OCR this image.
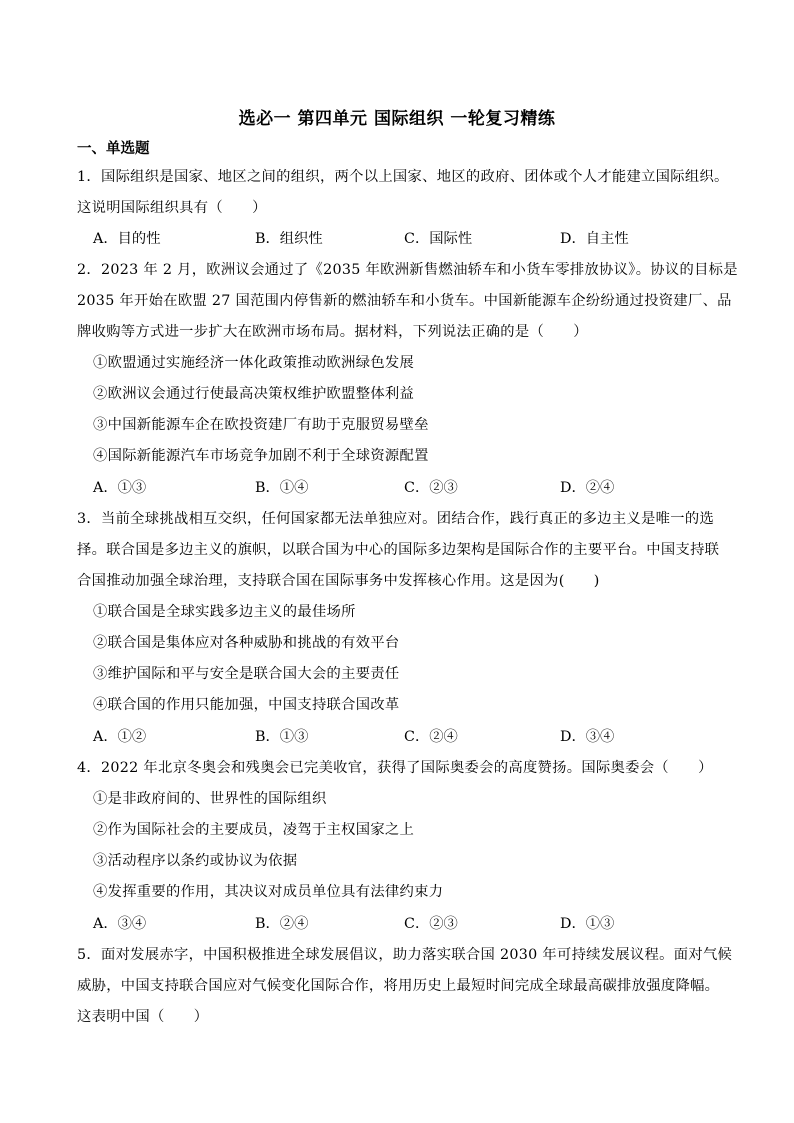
选必一 第四单元 国际组织 一轮复习精练
一、单选题
1．国际组织是国家、地区之间的组织，两个以上国家、地区的政府、团体或个人才能建立国际组织。
这说明国际组织具有（　　）
A．目的性	B．组织性	C．国际性	D．自主性
2．2023 年 2 月，欧洲议会通过了《2035 年欧洲新售燃油轿车和小货车零排放协议》。协议的目标是
2035 年开始在欧盟 27 国范围内停售新的燃油轿车和小货车。中国新能源车企纷纷通过投资建厂、品
牌收购等方式进一步扩大在欧洲市场布局。据材料，下列说法正确的是（　　）
①欧盟通过实施经济一体化政策推动欧洲绿色发展
②欧洲议会通过行使最高决策权维护欧盟整体利益
③中国新能源车企在欧投资建厂有助于克服贸易壁垒
④国际新能源汽车市场竞争加剧不利于全球资源配置
A．①③	B．①④	C．②③	D．②④
3．当前全球挑战相互交织，任何国家都无法单独应对。团结合作，践行真正的多边主义是唯一的选
择。联合国是多边主义的旗帜，以联合国为中心的国际多边架构是国际合作的主要平台。中国支持联
合国推动加强全球治理，支持联合国在国际事务中发挥核心作用。这是因为(　　)
①联合国是全球实践多边主义的最佳场所
②联合国是集体应对各种威胁和挑战的有效平台
③维护国际和平与安全是联合国大会的主要责任
④联合国的作用只能加强，中国支持联合国改革
A．①②	B．①③	C．②④	D．③④
4．2022 年北京冬奥会和残奥会已完美收官，获得了国际奥委会的高度赞扬。国际奥委会（　　）
①是非政府间的、世界性的国际组织
②作为国际社会的主要成员，凌驾于主权国家之上
③活动程序以条约或协议为依据
④发挥重要的作用，其决议对成员单位具有法律约束力
A．③④	B．②④	C．②③	D．①③
5．面对发展赤字，中国积极推进全球发展倡议，助力落实联合国 2030 年可持续发展议程。面对气候
威胁，中国支持联合国应对气候变化国际合作，将用历史上最短时间完成全球最高碳排放强度降幅。
这表明中国（　　）
